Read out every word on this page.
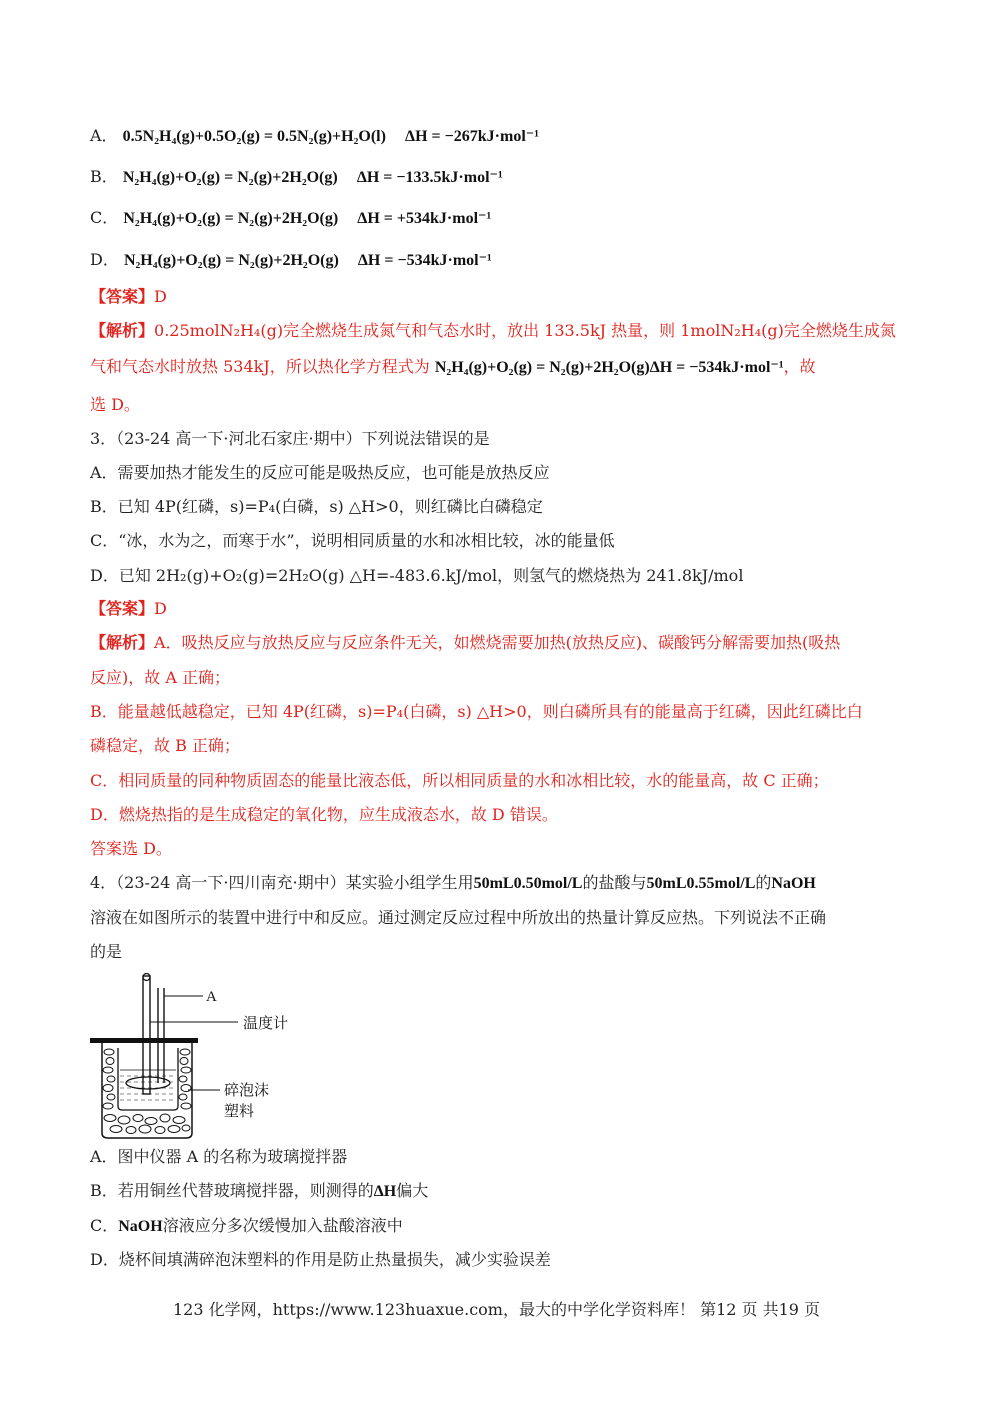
A． 0.5N₂H₄(g)+0.5O₂(g) = 0.5N₂(g)+H₂O(l) ΔH = −267kJ·mol⁻¹
B． N₂H₄(g)+O₂(g) = N₂(g)+2H₂O(g) ΔH = −133.5kJ·mol⁻¹
C． N₂H₄(g)+O₂(g) = N₂(g)+2H₂O(g) ΔH = +534kJ·mol⁻¹
D． N₂H₄(g)+O₂(g) = N₂(g)+2H₂O(g) ΔH = −534kJ·mol⁻¹
【答案】D
【解析】0.25molN₂H₄(g)完全燃烧生成氮气和气态水时，放出 133.5kJ 热量，则 1molN₂H₄(g)完全燃烧生成氮
气和气态水时放热 534kJ，所以热化学方程式为 N₂H₄(g)+O₂(g) = N₂(g)+2H₂O(g)ΔH = −534kJ·mol⁻¹，故
选 D。
3．（23-24 高一下·河北石家庄·期中）下列说法错误的是
A．需要加热才能发生的反应可能是吸热反应，也可能是放热反应
B．已知 4P(红磷，s)=P₄(白磷，s) △H>0，则红磷比白磷稳定
C．“冰，水为之，而寒于水”，说明相同质量的水和冰相比较，冰的能量低
D．已知 2H₂(g)+O₂(g)=2H₂O(g) △H=-483.6.kJ/mol，则氢气的燃烧热为 241.8kJ/mol
【答案】D
【解析】A．吸热反应与放热反应与反应条件无关，如燃烧需要加热(放热反应)、碳酸钙分解需要加热(吸热
反应)，故 A 正确；
B．能量越低越稳定，已知 4P(红磷，s)=P₄(白磷，s) △H>0，则白磷所具有的能量高于红磷，因此红磷比白
磷稳定，故 B 正确；
C．相同质量的同种物质固态的能量比液态低，所以相同质量的水和冰相比较，水的能量高，故 C 正确；
D．燃烧热指的是生成稳定的氧化物，应生成液态水，故 D 错误。
答案选 D。
4．（23-24 高一下·四川南充·期中）某实验小组学生用50mL0.50mol/L的盐酸与50mL0.55mol/L的NaOH
溶液在如图所示的装置中进行中和反应。通过测定反应过程中所放出的热量计算反应热。下列说法不正确
的是
A
温度计
碎泡沫
塑料
A．图中仪器 A 的名称为玻璃搅拌器
B．若用铜丝代替玻璃搅拌器，则测得的ΔH偏大
C．NaOH溶液应分多次缓慢加入盐酸溶液中
D．烧杯间填满碎泡沫塑料的作用是防止热量损失，减少实验误差
123 化学网，https://www.123huaxue.com，最大的中学化学资料库！ 第12 页 共19 页
